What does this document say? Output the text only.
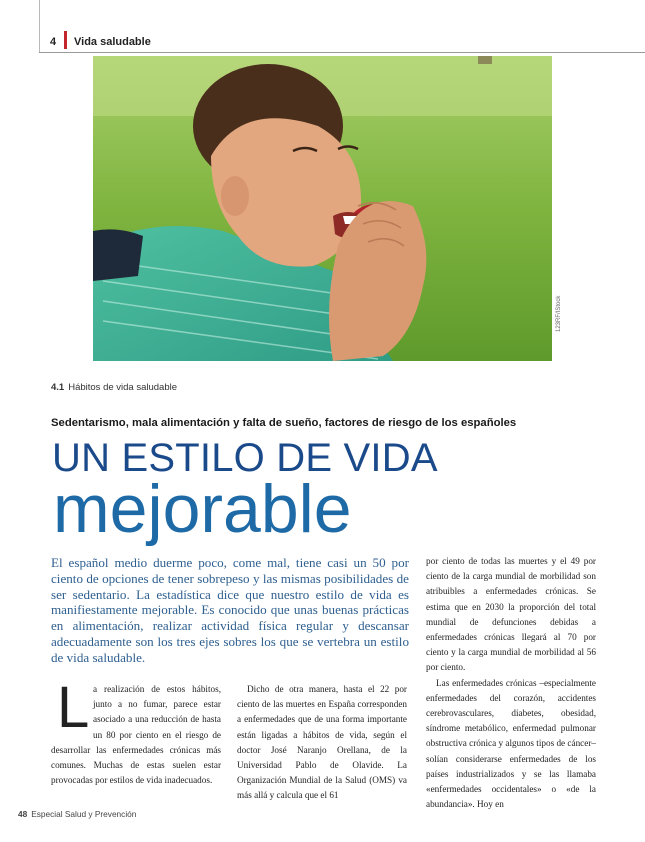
4 Vida saludable
123RF/IStock
4.1 Hábitos de vida saludable
Sedentarismo, mala alimentación y falta de sueño, factores de riesgo de los españoles
UN ESTILO DE VIDA
mejorable
El español medio duerme poco, come mal, tiene casi un 50 por ciento de opciones de tener sobrepeso y las mismas posibilidades de ser sedentario. La estadística dice que nuestro estilo de vida es manifiestamente mejorable. Es conocido que unas buenas prácticas en alimentación, realizar actividad física regular y descansar adecuadamente son los tres ejes sobres los que se vertebra un estilo de vida saludable.
L a realización de estos hábitos, junto a no fumar, parece estar asociado a una reducción de hasta un 80 por ciento en el riesgo de desarrollar las enfermedades crónicas más comunes. Muchas de estas suelen estar provocadas por estilos de vida inadecuados.

Dicho de otra manera, hasta el 22 por ciento de las muertes en España corresponden a enfermedades que de una forma importante están ligadas a hábitos de vida, según el doctor José Naranjo Orellana, de la Universidad Pablo de Olavide. La Organización Mundial de la Salud (OMS) va más allá y calcula que el 61

por ciento de todas las muertes y el 49 por ciento de la carga mundial de morbilidad son atribuibles a enfermedades crónicas. Se estima que en 2030 la proporción del total mundial de defunciones debidas a enfermedades crónicas llegará al 70 por ciento y la carga mundial de morbilidad al 56 por ciento.

Las enfermedades crónicas –especialmente enfermedades del corazón, accidentes cerebrovasculares, diabetes, obesidad, síndrome metabólico, enfermedad pulmonar obstructiva crónica y algunos tipos de cáncer– solían considerarse enfermedades de los países industrializados y se las llamaba «enfermedades occidentales» o «de la abundancia». Hoy en

48 Especial Salud y Prevención
